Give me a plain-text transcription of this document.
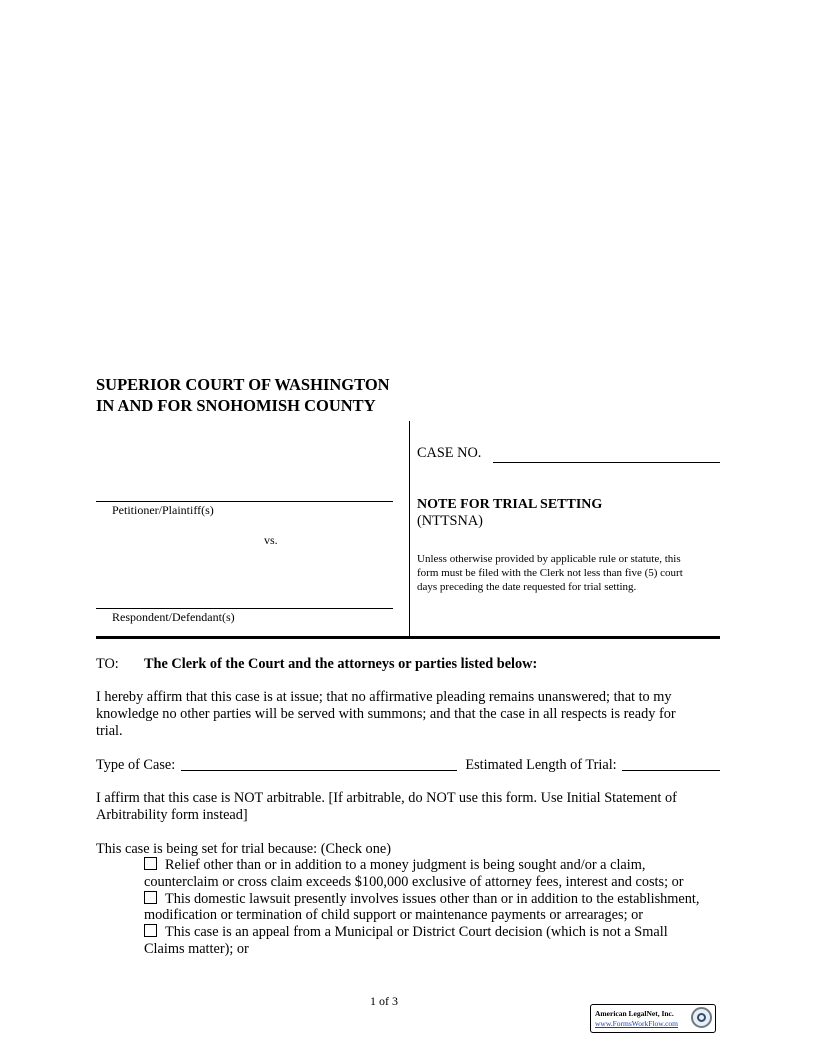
SUPERIOR COURT OF WASHINGTON
IN AND FOR SNOHOMISH COUNTY
Petitioner/Plaintiff(s)
vs.
Respondent/Defendant(s)
CASE NO.
NOTE FOR TRIAL SETTING
(NTTSNA)
Unless otherwise provided by applicable rule or statute, this
form must be filed with the Clerk not less than five (5) court
days preceding the date requested for trial setting.
TO: The Clerk of the Court and the attorneys or parties listed below:
I hereby affirm that this case is at issue; that no affirmative pleading remains unanswered; that to my
knowledge no other parties will be served with summons; and that the case in all respects is ready for
trial.
Type of Case:	Estimated Length of Trial:
I affirm that this case is NOT arbitrable. [If arbitrable, do NOT use this form. Use Initial Statement of
Arbitrability form instead]
This case is being set for trial because: (Check one)
Relief other than or in addition to a money judgment is being sought and/or a claim,
counterclaim or cross claim exceeds $100,000 exclusive of attorney fees, interest and costs; or
This domestic lawsuit presently involves issues other than or in addition to the establishment,
modification or termination of child support or maintenance payments or arrearages; or
This case is an appeal from a Municipal or District Court decision (which is not a Small
Claims matter); or
1 of 3
American LegalNet, Inc.
www.FormsWorkFlow.com
